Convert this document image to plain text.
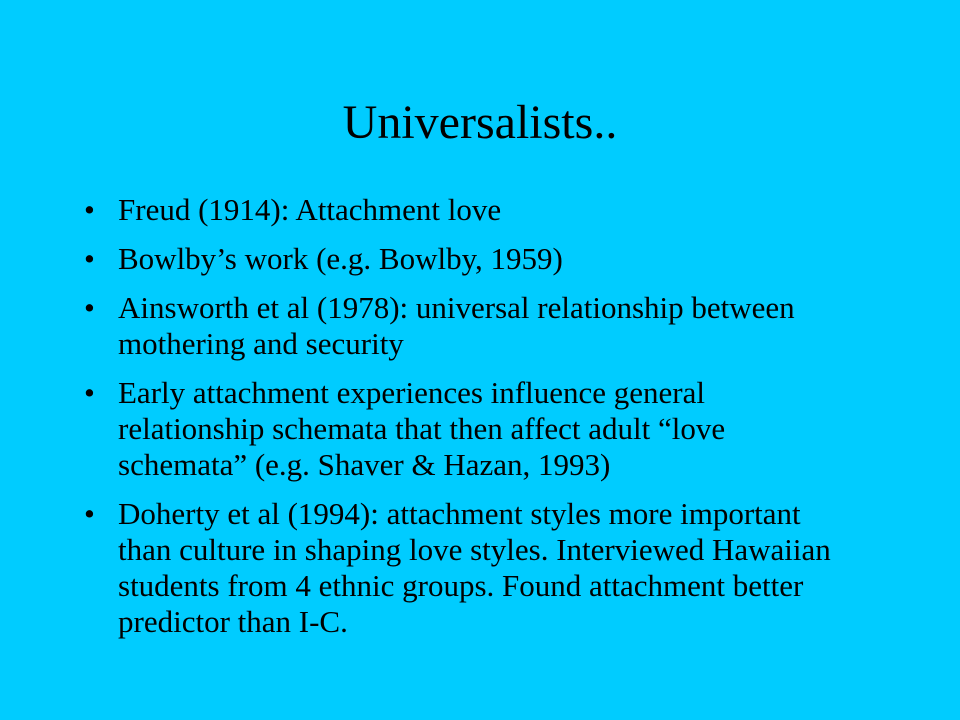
Universalists..
• Freud (1914): Attachment love
• Bowlby’s work (e.g. Bowlby, 1959)
• Ainsworth et al (1978): universal relationship between mothering and security
• Early attachment experiences influence general relationship schemata that then affect adult “love schemata” (e.g. Shaver & Hazan, 1993)
• Doherty et al (1994): attachment styles more important than culture in shaping love styles. Interviewed Hawaiian students from 4 ethnic groups. Found attachment better predictor than I-C.
